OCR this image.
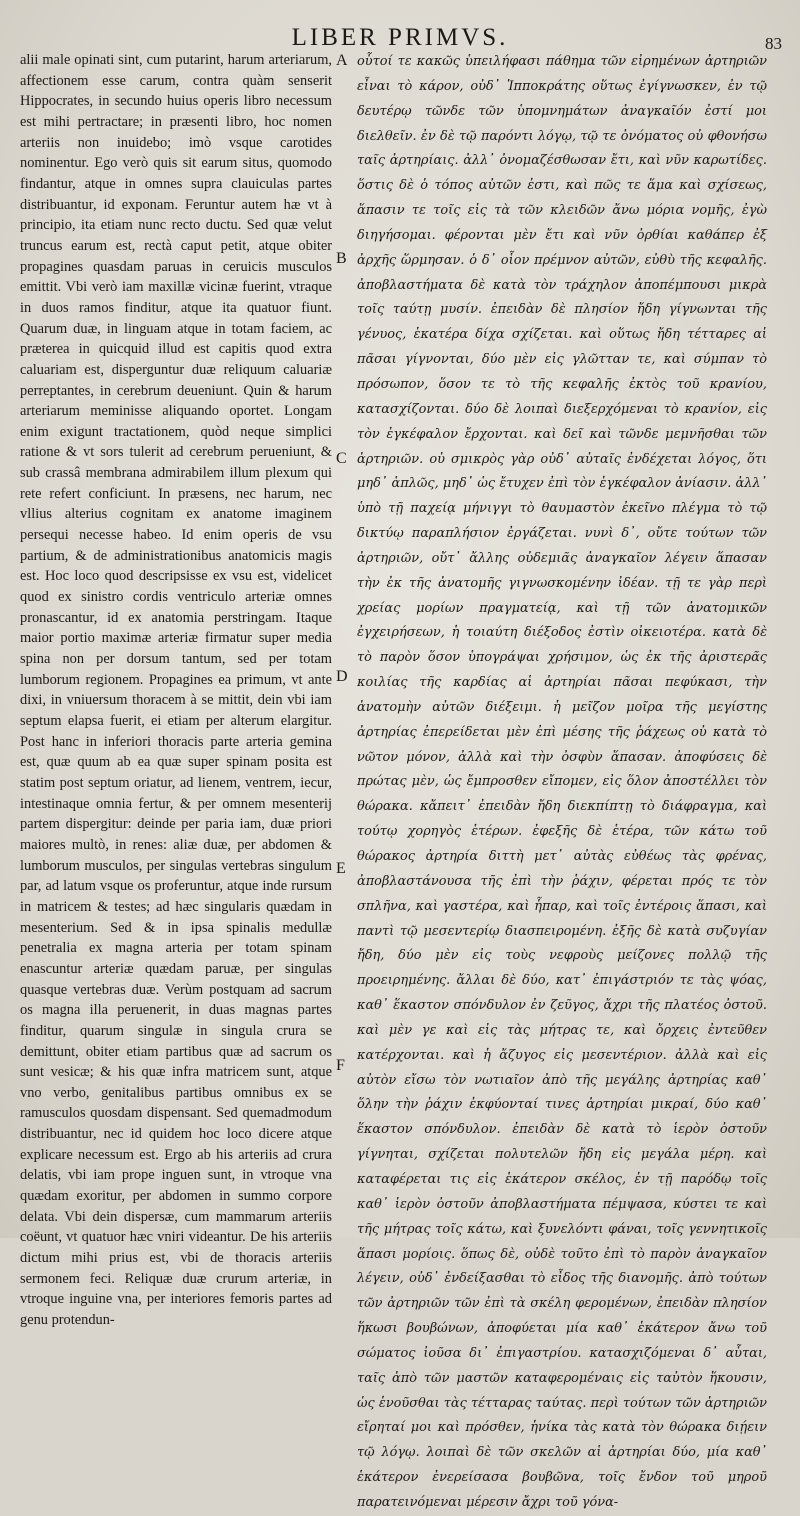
LIBER PRIMVS.	83

alii male opinati sint, cum putarint, harum arteriarum, affectionem esse carum, contra quàm senserit Hippocrates, in secundo huius operis libro necessum est mihi pertractare; in præsenti libro, hoc nomen arteriis non inuidebo; imò vsque carotides nominentur. Ego verò quis sit earum situs, quomodo findantur, atque in omnes supra clauiculas partes distribuantur, id exponam. Feruntur autem hæ vt à principio, ita etiam nunc recto ductu. Sed quæ velut truncus earum est, rectà caput petit, atque obiter propagines quasdam paruas in ceruicis musculos emittit. Vbi verò iam maxillæ vicinæ fuerint, vtraque in duos ramos finditur, atque ita quatuor fiunt. Quarum duæ, in linguam atque in totam faciem, ac præterea in quicquid illud est capitis quod extra caluariam est, disperguntur duæ reliquum caluariæ perreptantes, in cerebrum deueniunt. Quin & harum arteriarum meminisse aliquando oportet. Longam enim exigunt tractationem, quòd neque simplici ratione & vt sors tulerit ad cerebrum perueniunt, & sub crassâ membrana admirabilem illum plexum qui rete refert conficiunt. In præsens, nec harum, nec vllius alterius cognitam ex anatome imaginem persequi necesse habeo. Id enim operis de vsu partium, & de administrationibus anatomicis magis est. Hoc loco quod descripsisse ex vsu est, videlicet quod ex sinistro cordis ventriculo arteriæ omnes pronascantur, id ex anatomia perstringam. Itaque maior portio maximæ arteriæ firmatur super media spina non per dorsum tantum, sed per totam lumborum regionem. Propagines ea primum, vt ante dixi, in vniuersum thoracem à se mittit, dein vbi iam septum elapsa fuerit, ei etiam per alterum elargitur. Post hanc in inferiori thoracis parte arteria gemina est, quæ quum ab ea quæ super spinam posita est statim post septum oriatur, ad lienem, ventrem, iecur, intestinaque omnia fertur, & per omnem mesenterij partem dispergitur: deinde per paria iam, duæ priori maiores multò, in renes: aliæ duæ, per abdomen & lumborum musculos, per singulas vertebras singulum par, ad latum vsque os proferuntur, atque inde rursum in matricem & testes; ad hæc singularis quædam in mesenterium. Sed & in ipsa spinalis medullæ penetralia ex magna arteria per totam spinam enascuntur arteriæ quædam paruæ, per singulas quasque vertebras duæ. Verùm postquam ad sacrum os magna illa peruenerit, in duas magnas partes finditur, quarum singulæ in singula crura se demittunt, obiter etiam partibus quæ ad sacrum os sunt vesicæ; & his quæ infra matricem sunt, atque vno verbo, genitalibus partibus omnibus ex se ramusculos quosdam dispensant. Sed quemadmodum distribuantur, nec id quidem hoc loco dicere atque explicare necessum est. Ergo ab his arteriis ad crura delatis, vbi iam prope inguen sunt, in vtroque vna quædam exoritur, per abdomen in summo corpore delata. Vbi dein dispersæ, cum mammarum arteriis coëunt, vt quatuor hæc vniri videantur. De his arteriis dictum mihi prius est, vbi de thoracis arteriis sermonem feci. Reliquæ duæ crurum arteriæ, in vtroque inguine vna, per interiores femoris partes ad genu protendun-

A
B
C
D
E
F

οὗτοί τε κακῶς ὑπειλήφασι πάθημα τῶν εἰρημένων ἀρτηριῶν εἶναι τὸ κάρον, οὐδ᾽ Ἱπποκράτης οὕτως ἐγίγνωσκεν, ἐν τῷ δευτέρῳ τῶνδε τῶν ὑπομνημάτων ἀναγκαῖόν ἐστί μοι διελθεῖν. ἐν δὲ τῷ παρόντι λόγῳ, τῷ τε ὀνόματος οὐ φθονήσω ταῖς ἀρτηρίαις. ἀλλ᾽ ὀνομαζέσθωσαν ἔτι, καὶ νῦν καρωτίδες. ὅστις δὲ ὁ τόπος αὐτῶν ἐστι, καὶ πῶς τε ἅμα καὶ σχίσεως, ἅπασιν τε τοῖς εἰς τὰ τῶν κλειδῶν ἄνω μόρια νομῆς, ἐγὼ διηγήσομαι. φέρονται μὲν ἔτι καὶ νῦν ὀρθίαι καθάπερ ἐξ ἀρχῆς ὥρμησαν. ὁ δ᾽ οἷον πρέμνον αὐτῶν, εὐθὺ τῆς κεφαλῆς. ἀποβλαστήματα δὲ κατὰ τὸν τράχηλον ἀποπέμπουσι μικρὰ τοῖς ταύτῃ μυσίν. ἐπειδὰν δὲ πλησίον ἤδη γίγνωνται τῆς γένυος, ἑκατέρα δίχα σχίζεται. καὶ οὕτως ἤδη τέτταρες αἱ πᾶσαι γίγνονται, δύο μὲν εἰς γλῶτταν τε, καὶ σύμπαν τὸ πρόσωπον, ὅσον τε τὸ τῆς κεφαλῆς ἐκτὸς τοῦ κρανίου, κατασχίζονται. δύο δὲ λοιπαὶ διεξερχόμεναι τὸ κρανίον, εἰς τὸν ἐγκέφαλον ἔρχονται. καὶ δεῖ καὶ τῶνδε μεμνῆσθαι τῶν ἀρτηριῶν. οὐ σμικρὸς γὰρ οὐδ᾽ αὐταῖς ἐνδέχεται λόγος, ὅτι μηδ᾽ ἁπλῶς, μηδ᾽ ὡς ἔτυχεν ἐπὶ τὸν ἐγκέφαλον ἀνίασιν. ἀλλ᾽ ὑπὸ τῇ παχείᾳ μήνιγγι τὸ θαυμαστὸν ἐκεῖνο πλέγμα τὸ τῷ δικτύῳ παραπλήσιον ἐργάζεται. νυνὶ δ᾽, οὔτε τούτων τῶν ἀρτηριῶν, οὔτ᾽ ἄλλης οὐδεμιᾶς ἀναγκαῖον λέγειν ἅπασαν τὴν ἐκ τῆς ἀνατομῆς γιγνωσκομένην ἰδέαν. τῇ τε γὰρ περὶ χρείας μορίων πραγματείᾳ, καὶ τῇ τῶν ἀνατομικῶν ἐγχειρήσεων, ἡ τοιαύτη διέξοδος ἐστὶν οἰκειοτέρα. κατὰ δὲ τὸ παρὸν ὅσον ὑπογράψαι χρήσιμον, ὡς ἐκ τῆς ἀριστερᾶς κοιλίας τῆς καρδίας αἱ ἀρτηρίαι πᾶσαι πεφύκασι, τὴν ἀνατομὴν αὐτῶν διέξειμι. ἡ μεῖζον μοῖρα τῆς μεγίστης ἀρτηρίας ἐπερείδεται μὲν ἐπὶ μέσης τῆς ῥάχεως οὐ κατὰ τὸ νῶτον μόνον, ἀλλὰ καὶ τὴν ὀσφὺν ἅπασαν. ἀποφύσεις δὲ πρώτας μὲν, ὡς ἔμπροσθεν εἴπομεν, εἰς ὅλον ἀποστέλλει τὸν θώρακα. κἄπειτ᾽ ἐπειδὰν ἤδη διεκπίπτῃ τὸ διάφραγμα, καὶ τούτῳ χορηγὸς ἑτέρων. ἐφεξῆς δὲ ἑτέρα, τῶν κάτω τοῦ θώρακος ἀρτηρία διττὴ μετ᾽ αὐτὰς εὐθέως τὰς φρένας, ἀποβλαστάνουσα τῆς ἐπὶ τὴν ῥάχιν, φέρεται πρός τε τὸν σπλῆνα, καὶ γαστέρα, καὶ ἧπαρ, καὶ τοῖς ἐντέροις ἅπασι, καὶ παντὶ τῷ μεσεντερίῳ διασπειρομένη. ἐξῆς δὲ κατὰ συζυγίαν ἤδη, δύο μὲν εἰς τοὺς νεφροὺς μείζονες πολλῷ τῆς προειρημένης. ἄλλαι δὲ δύο, κατ᾽ ἐπιγάστριόν τε τὰς ψόας, καθ᾽ ἕκαστον σπόνδυλον ἐν ζεῦγος, ἄχρι τῆς πλατέος ὀστοῦ. καὶ μὲν γε καὶ εἰς τὰς μήτρας τε, καὶ ὄρχεις ἐντεῦθεν κατέρχονται. καὶ ἡ ἄζυγος εἰς μεσεντέριον. ἀλλὰ καὶ εἰς αὐτὸν εἴσω τὸν νωτιαῖον ἀπὸ τῆς μεγάλης ἀρτηρίας καθ᾽ ὅλην τὴν ῥάχιν ἐκφύονταί τινες ἀρτηρίαι μικραί, δύο καθ᾽ ἕκαστον σπόνδυλον. ἐπειδὰν δὲ κατὰ τὸ ἱερὸν ὀστοῦν γίγνηται, σχίζεται πολυτελῶν ἤδη εἰς μεγάλα μέρη. καὶ καταφέρεται τις εἰς ἑκάτερον σκέλος, ἐν τῇ παρόδῳ τοῖς καθ᾽ ἱερὸν ὀστοῦν ἀποβλαστήματα πέμψασα, κύστει τε καὶ τῆς μήτρας τοῖς κάτω, καὶ ξυνελόντι φάναι, τοῖς γεννητικοῖς ἅπασι μορίοις. ὅπως δὲ, οὐδὲ τοῦτο ἐπὶ τὸ παρὸν ἀναγκαῖον λέγειν, οὐδ᾽ ἐνδείξασθαι τὸ εἶδος τῆς διανομῆς. ἀπὸ τούτων τῶν ἀρτηριῶν τῶν ἐπὶ τὰ σκέλη φερομένων, ἐπειδὰν πλησίον ἥκωσι βουβώνων, ἀποφύεται μία καθ᾽ ἑκάτερον ἄνω τοῦ σώματος ἰοῦσα δι᾽ ἐπιγαστρίου. κατασχιζόμεναι δ᾽ αὗται, ταῖς ἀπὸ τῶν μαστῶν καταφερομέναις εἰς ταὐτὸν ἥκουσιν, ὡς ἑνοῦσθαι τὰς τέτταρας ταύτας. περὶ τούτων τῶν ἀρτηριῶν εἴρηταί μοι καὶ πρόσθεν, ἡνίκα τὰς κατὰ τὸν θώρακα διῄειν τῷ λόγῳ. λοιπαὶ δὲ τῶν σκελῶν αἱ ἀρτηρίαι δύο, μία καθ᾽ ἑκάτερον ἐνερείσασα βουβῶνα, τοῖς ἔνδον τοῦ μηροῦ παρατεινόμεναι μέρεσιν ἄχρι τοῦ γόνα-
